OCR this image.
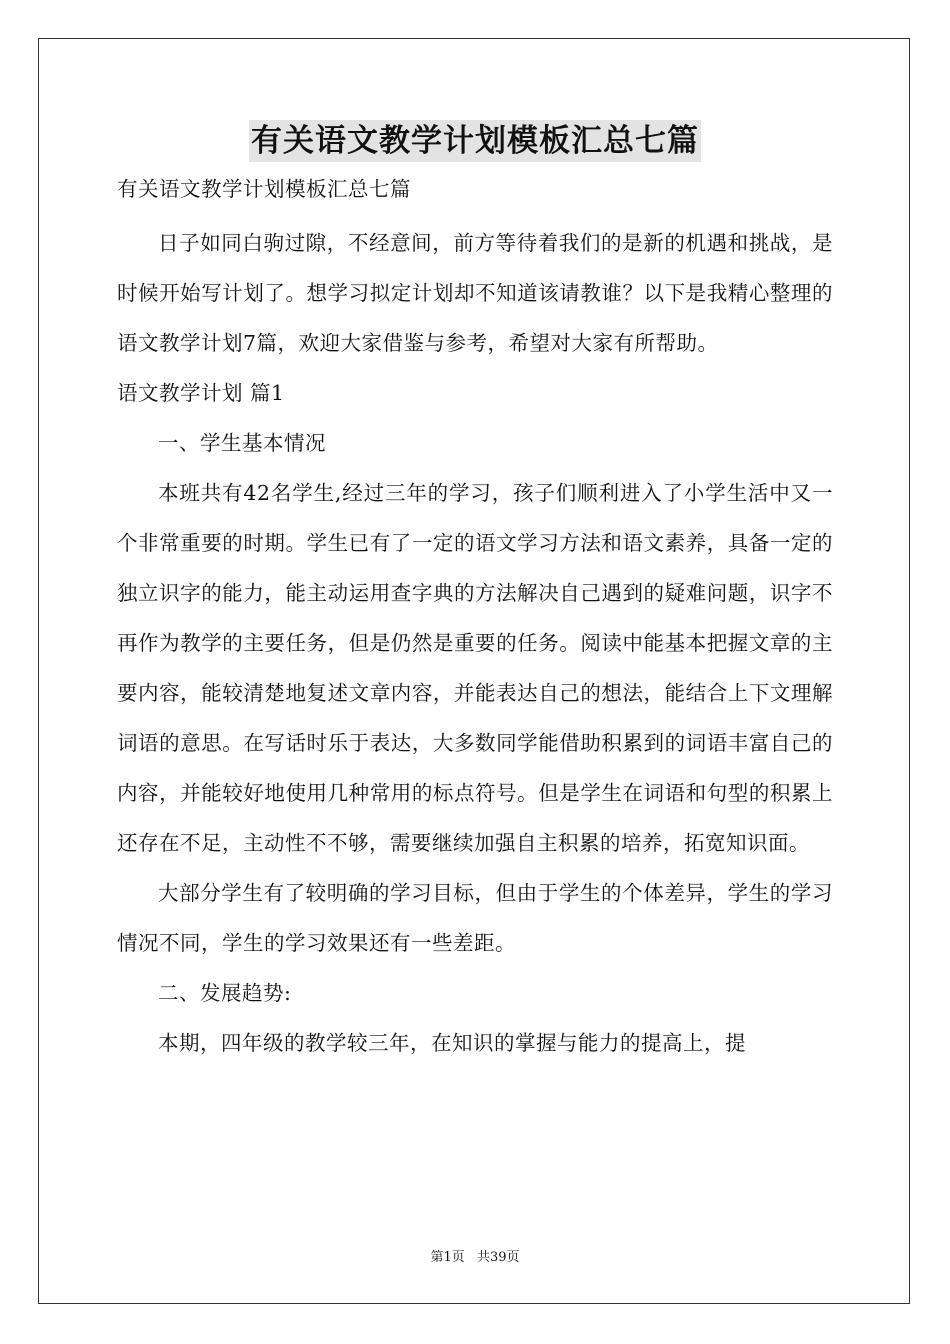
有关语文教学计划模板汇总七篇

有关语文教学计划模板汇总七篇

日子如同白驹过隙，不经意间，前方等待着我们的是新的机遇和挑战，是时候开始写计划了。想学习拟定计划却不知道该请教谁？以下是我精心整理的语文教学计划7篇，欢迎大家借鉴与参考，希望对大家有所帮助。

语文教学计划 篇1

一、学生基本情况

本班共有42名学生,经过三年的学习，孩子们顺利进入了小学生活中又一个非常重要的时期。学生已有了一定的语文学习方法和语文素养，具备一定的独立识字的能力，能主动运用查字典的方法解决自己遇到的疑难问题，识字不再作为教学的主要任务，但是仍然是重要的任务。阅读中能基本把握文章的主要内容，能较清楚地复述文章内容，并能表达自己的想法，能结合上下文理解词语的意思。在写话时乐于表达，大多数同学能借助积累到的词语丰富自己的内容，并能较好地使用几种常用的标点符号。但是学生在词语和句型的积累上还存在不足，主动性不不够，需要继续加强自主积累的培养，拓宽知识面。

大部分学生有了较明确的学习目标，但由于学生的个体差异，学生的学习情况不同，学生的学习效果还有一些差距。

二、发展趋势:

本期，四年级的教学较三年，在知识的掌握与能力的提高上，提

第1页 共39页
